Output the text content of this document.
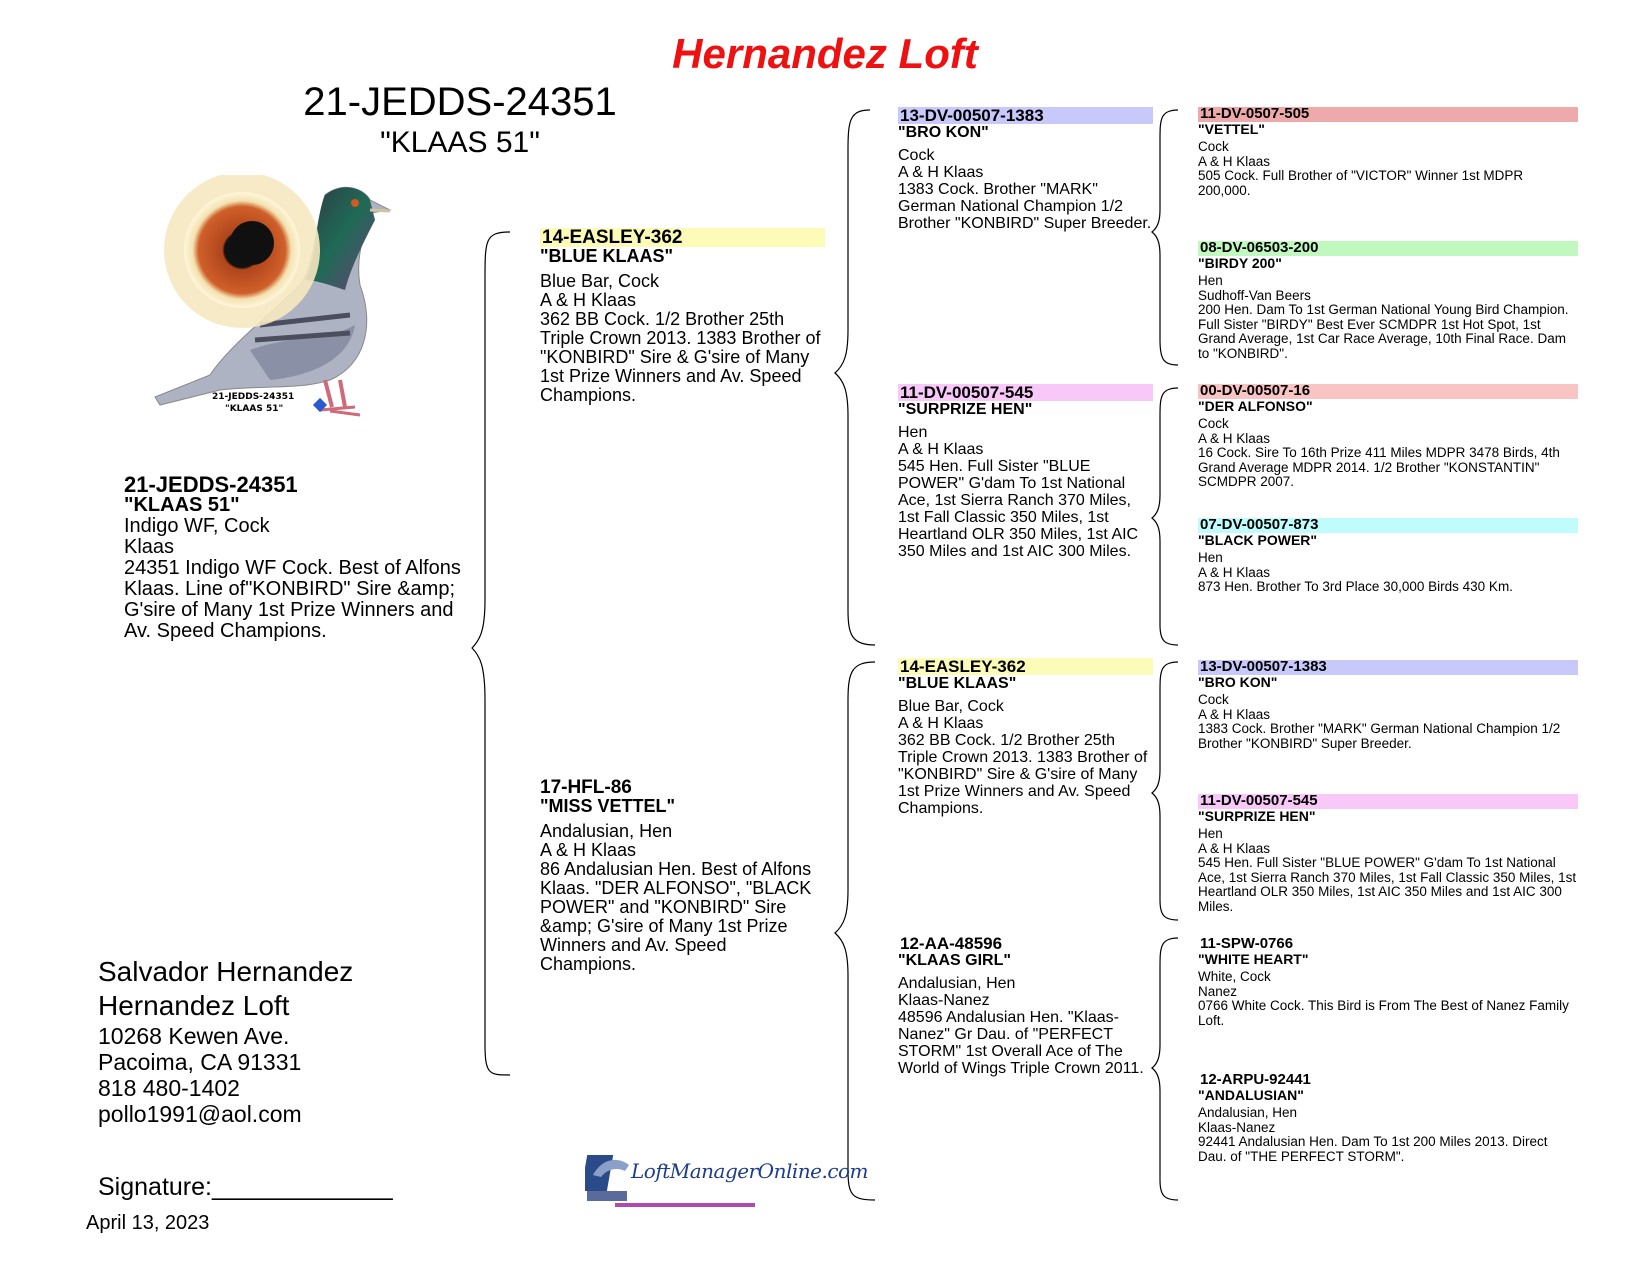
Hernandez Loft
21-JEDDS-24351
"KLAAS 51"
21-JEDDS-24351
"KLAAS 51"
21-JEDDS-24351
"KLAAS 51"
Indigo WF, Cock
Klaas
24351 Indigo WF Cock. Best of Alfons Klaas. Line of"KONBIRD" Sire &amp; G'sire of Many 1st Prize Winners and Av. Speed Champions.
14-EASLEY-362
"BLUE KLAAS"
Blue Bar, Cock
A & H Klaas
362 BB Cock. 1/2 Brother 25th Triple Crown 2013. 1383 Brother of "KONBIRD" Sire & G'sire of Many 1st Prize Winners and Av. Speed Champions.
17-HFL-86
"MISS VETTEL"
Andalusian, Hen
A & H Klaas
86 Andalusian Hen. Best of Alfons Klaas. "DER ALFONSO", "BLACK POWER" and "KONBIRD" Sire &amp; G'sire of Many 1st Prize Winners and Av. Speed Champions.
13-DV-00507-1383
"BRO KON"
Cock
A & H Klaas
1383 Cock. Brother "MARK" German National Champion 1/2 Brother "KONBIRD" Super Breeder.
11-DV-00507-545
"SURPRIZE HEN"
Hen
A & H Klaas
545 Hen. Full Sister "BLUE POWER" G'dam To 1st National Ace, 1st Sierra Ranch 370 Miles, 1st Fall Classic 350 Miles, 1st Heartland OLR 350 Miles, 1st AIC 350 Miles and 1st AIC 300 Miles.
14-EASLEY-362
"BLUE KLAAS"
Blue Bar, Cock
A & H Klaas
362 BB Cock. 1/2 Brother 25th Triple Crown 2013. 1383 Brother of "KONBIRD" Sire & G'sire of Many 1st Prize Winners and Av. Speed Champions.
12-AA-48596
"KLAAS GIRL"
Andalusian, Hen
Klaas-Nanez
48596 Andalusian Hen. "Klaas-Nanez" Gr Dau. of "PERFECT STORM" 1st Overall Ace of The World of Wings Triple Crown 2011.
11-DV-0507-505
"VETTEL"
Cock
A & H Klaas
505 Cock. Full Brother of "VICTOR" Winner 1st MDPR 200,000.
08-DV-06503-200
"BIRDY 200"
Hen
Sudhoff-Van Beers
200 Hen. Dam To 1st German National Young Bird Champion. Full Sister "BIRDY" Best Ever SCMDPR 1st Hot Spot, 1st Grand Average, 1st Car Race Average, 10th Final Race. Dam to "KONBIRD".
00-DV-00507-16
"DER ALFONSO"
Cock
A & H Klaas
16 Cock. Sire To 16th Prize 411 Miles MDPR 3478 Birds, 4th Grand Average MDPR 2014. 1/2 Brother "KONSTANTIN" SCMDPR 2007.
07-DV-00507-873
"BLACK POWER"
Hen
A & H Klaas
873 Hen. Brother To 3rd Place 30,000 Birds 430 Km.
13-DV-00507-1383
"BRO KON"
Cock
A & H Klaas
1383 Cock. Brother "MARK" German National Champion 1/2 Brother "KONBIRD" Super Breeder.
11-DV-00507-545
"SURPRIZE HEN"
Hen
A & H Klaas
545 Hen. Full Sister "BLUE POWER" G'dam To 1st National Ace, 1st Sierra Ranch 370 Miles, 1st Fall Classic 350 Miles, 1st Heartland OLR 350 Miles, 1st AIC 350 Miles and 1st AIC 300 Miles.
11-SPW-0766
"WHITE HEART"
White, Cock
Nanez
0766 White Cock. This Bird is From The Best of Nanez Family Loft.
12-ARPU-92441
"ANDALUSIAN"
Andalusian, Hen
Klaas-Nanez
92441 Andalusian Hen. Dam To 1st 200 Miles 2013. Direct Dau. of "THE PERFECT STORM".
Salvador Hernandez
Hernandez Loft
10268 Kewen Ave.
Pacoima, CA 91331
818 480-1402
pollo1991@aol.com
Signature:_____________
April 13, 2023
LoftManagerOnline.com
